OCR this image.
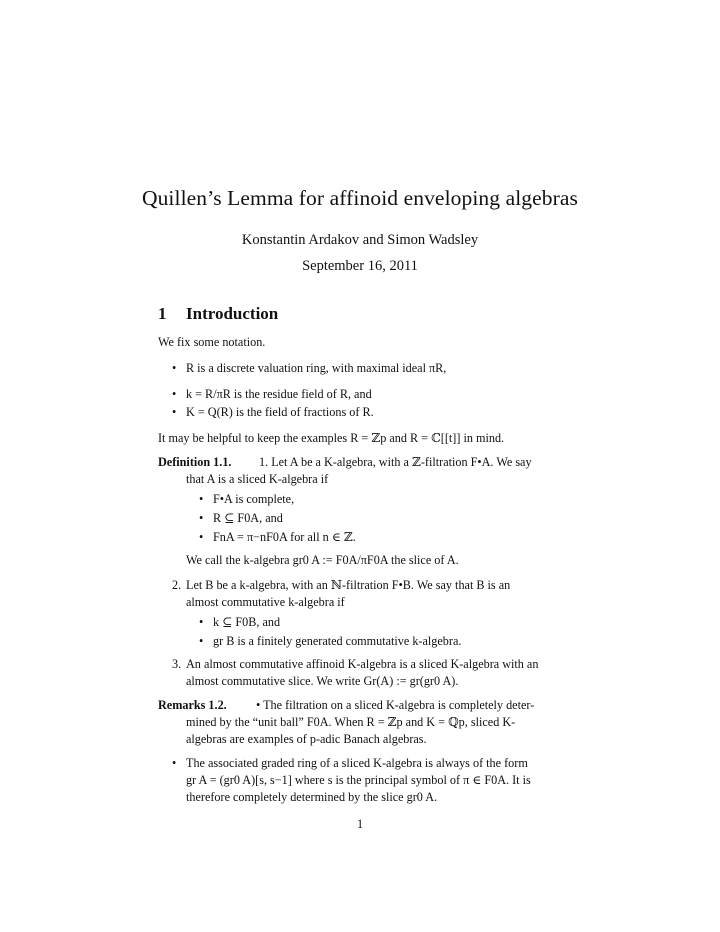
Quillen’s Lemma for affinoid enveloping algebras
Konstantin Ardakov and Simon Wadsley
September 16, 2011
1 Introduction
We fix some notation.
• R is a discrete valuation ring, with maximal ideal πR,
• k = R/πR is the residue field of R, and
• K = Q(R) is the field of fractions of R.
It may be helpful to keep the examples R = ℤp and R = ℂ[[t]] in mind.
Definition 1.1. 1. Let A be a K-algebra, with a ℤ-filtration F•A. We say
that A is a sliced K-algebra if
• F•A is complete,
• R ⊆ F0A, and
• FnA = π−nF0A for all n ∈ ℤ.
We call the k-algebra gr0 A := F0A/πF0A the slice of A.
2. Let B be a k-algebra, with an ℕ-filtration F•B. We say that B is an
almost commutative k-algebra if
• k ⊆ F0B, and
• gr B is a finitely generated commutative k-algebra.
3. An almost commutative affinoid K-algebra is a sliced K-algebra with an
almost commutative slice. We write Gr(A) := gr(gr0 A).
Remarks 1.2. • The filtration on a sliced K-algebra is completely deter-
mined by the “unit ball” F0A. When R = ℤp and K = ℚp, sliced K-
algebras are examples of p-adic Banach algebras.
• The associated graded ring of a sliced K-algebra is always of the form
gr A = (gr0 A)[s, s−1] where s is the principal symbol of π ∈ F0A. It is
therefore completely determined by the slice gr0 A.
1
